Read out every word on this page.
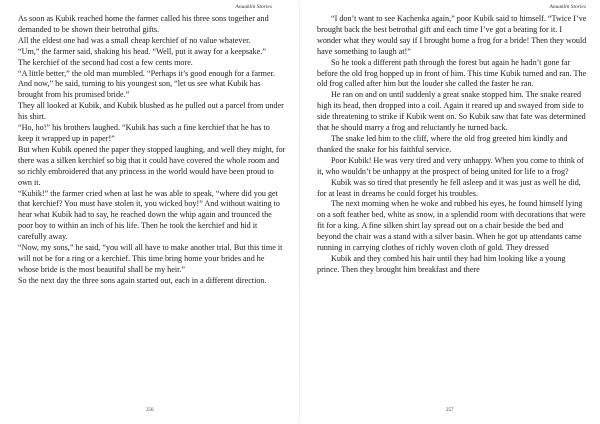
Anuaklin Stories

As soon as Kubik reached home the farmer called his three sons together and demanded to be shown their betrothal gifts.

All the eldest one had was a small cheap kerchief of no value whatever.

“Um,” the farmer said, shaking his head. “Well, put it away for a keepsake.”

The kerchief of the second had cost a few cents more.

“A little better,” the old man mumbled. “Perhaps it’s good enough for a farmer. And now,” he said, turning to his youngest son, “let us see what Kubik has brought from his promised bride.”

They all looked at Kubik, and Kubik blushed as he pulled out a parcel from under his shirt.

“Ho, ho!” his brothers laughed. “Kubik has such a fine kerchief that he has to keep it wrapped up in paper!”

But when Kubik opened the paper they stopped laughing, and well they might, for there was a silken kerchief so big that it could have covered the whole room and so richly embroidered that any princess in the world would have been proud to own it.

“Kubik!” the farmer cried when at last he was able to speak, “where did you get that kerchief? You must have stolen it, you wicked boy!” And without waiting to hear what Kubik had to say, he reached down the whip again and trounced the poor boy to within an inch of his life. Then he took the kerchief and hid it carefully away.

“Now, my sons,” he said, “you will all have to make another trial. But this time it will not be for a ring or a kerchief. This time bring home your brides and he whose bride is the most beautiful shall be my heir.”

So the next day the three sons again started out, each in a different direction.

256
Anuaklin Stories

“I don’t want to see Kachenka again,” poor Kubik said to himself. “Twice I’ve brought back the best betrothal gift and each time I’ve got a beating for it. I wonder what they would say if I brought home a frog for a bride! Then they would have something to laugh at!”

So he took a different path through the forest but again he hadn’t gone far before the old frog hopped up in front of him. This time Kubik turned and ran. The old frog called after him but the louder she called the faster he ran.

He ran on and on until suddenly a great snake stopped him. The snake reared high its head, then dropped into a coil. Again it reared up and swayed from side to side threatening to strike if Kubik went on. So Kubik saw that fate was determined that he should marry a frog and reluctantly he turned back.

The snake led him to the cliff, where the old frog greeted him kindly and thanked the snake for his faithful service.

Poor Kubik! He was very tired and very unhappy. When you come to think of it, who wouldn’t be unhappy at the prospect of being united for life to a frog?

Kubik was so tired that presently he fell asleep and it was just as well he did, for at least in dreams he could forget his troubles.

The next morning when he woke and rubbed his eyes, he found himself lying on a soft feather bed, white as snow, in a splendid room with decorations that were fit for a king. A fine silken shirt lay spread out on a chair beside the bed and beyond the chair was a stand with a silver basin. When he got up attendants came running in carrying clothes of richly woven cloth of gold. They dressed

Kubik and they combed his hair until they had him looking like a young prince. Then they brought him breakfast and there

257
